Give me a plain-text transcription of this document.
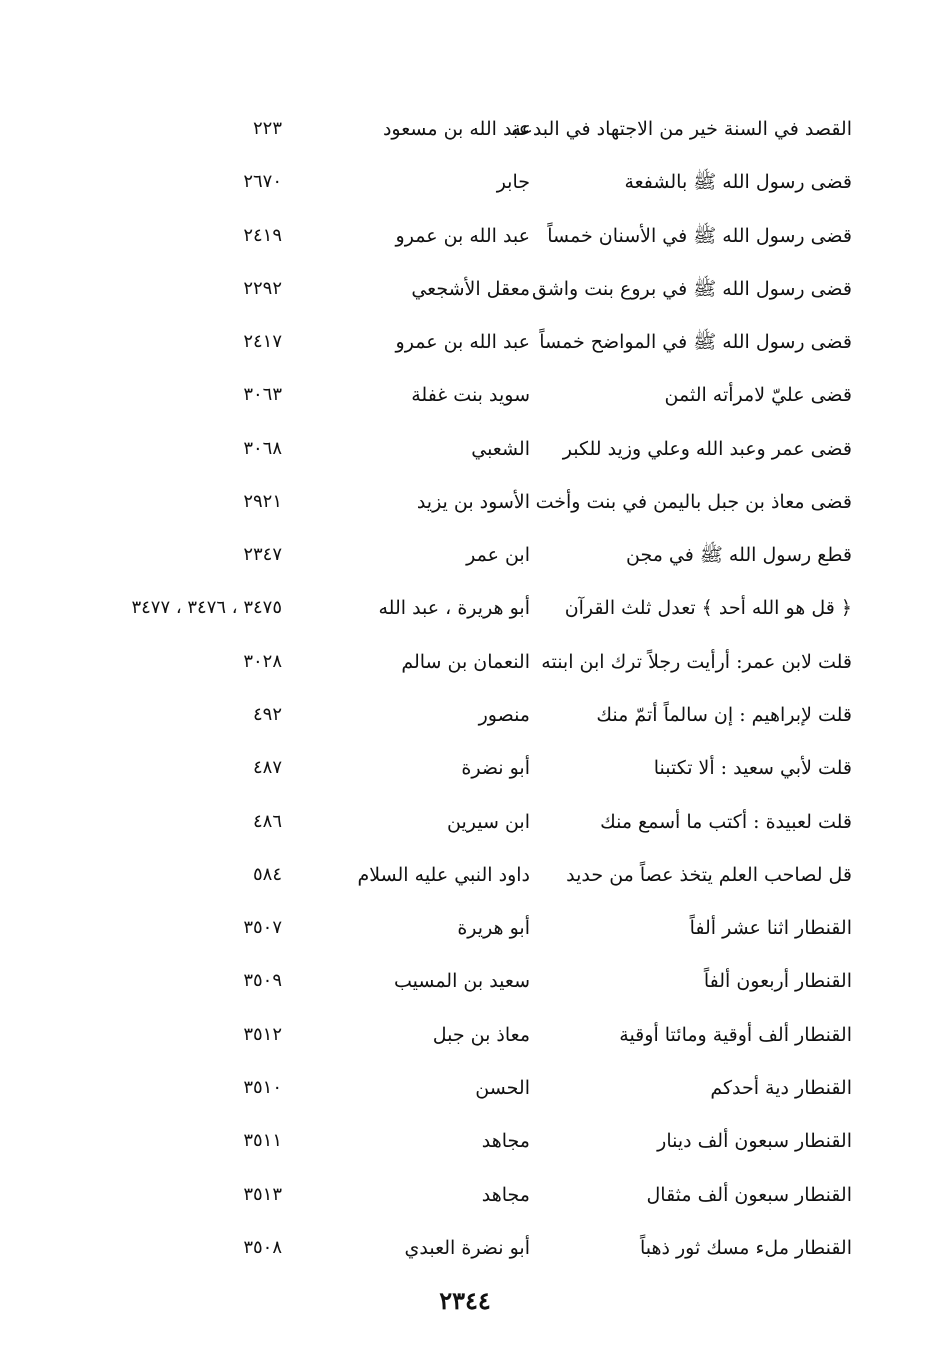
القصد في السنة خير من الاجتهاد في البدعة
عبد الله بن مسعود
٢٢٣
قضى رسول الله ﷺ بالشفعة
جابر
٢٦٧٠
قضى رسول الله ﷺ في الأسنان خمساً
عبد الله بن عمرو
٢٤١٩
قضى رسول الله ﷺ في بروع بنت واشق
معقل الأشجعي
٢٢٩٢
قضى رسول الله ﷺ في المواضح خمساً
عبد الله بن عمرو
٢٤١٧
قضى عليّ لامرأته الثمن
سويد بنت غفلة
٣٠٦٣
قضى عمر وعبد الله وعلي وزيد للكبر
الشعبي
٣٠٦٨
قضى معاذ بن جبل باليمن في بنت وأخت
الأسود بن يزيد
٢٩٢١
قطع رسول الله ﷺ في مجن
ابن عمر
٢٣٤٧
﴿ قل هو الله أحد ﴾ تعدل ثلث القرآن
أبو هريرة ، عبد الله
٣٤٧٥ ، ٣٤٧٦ ، ٣٤٧٧
قلت لابن عمر: أرأيت رجلاً ترك ابن ابنته
النعمان بن سالم
٣٠٢٨
قلت لإبراهيم : إن سالماً أتمّ منك
منصور
٤٩٢
قلت لأبي سعيد : ألا تكتبنا
أبو نضرة
٤٨٧
قلت لعبيدة : أكتب ما أسمع منك
ابن سيرين
٤٨٦
قل لصاحب العلم يتخذ عصاً من حديد
داود النبي عليه السلام
٥٨٤
القنطار اثنا عشر ألفاً
أبو هريرة
٣٥٠٧
القنطار أربعون ألفاً
سعيد بن المسيب
٣٥٠٩
القنطار ألف أوقية ومائتا أوقية
معاذ بن جبل
٣٥١٢
القنطار دية أحدكم
الحسن
٣٥١٠
القنطار سبعون ألف دينار
مجاهد
٣٥١١
القنطار سبعون ألف مثقال
مجاهد
٣٥١٣
القنطار ملء مسك ثور ذهباً
أبو نضرة العبدي
٣٥٠٨
٢٣٤٤
